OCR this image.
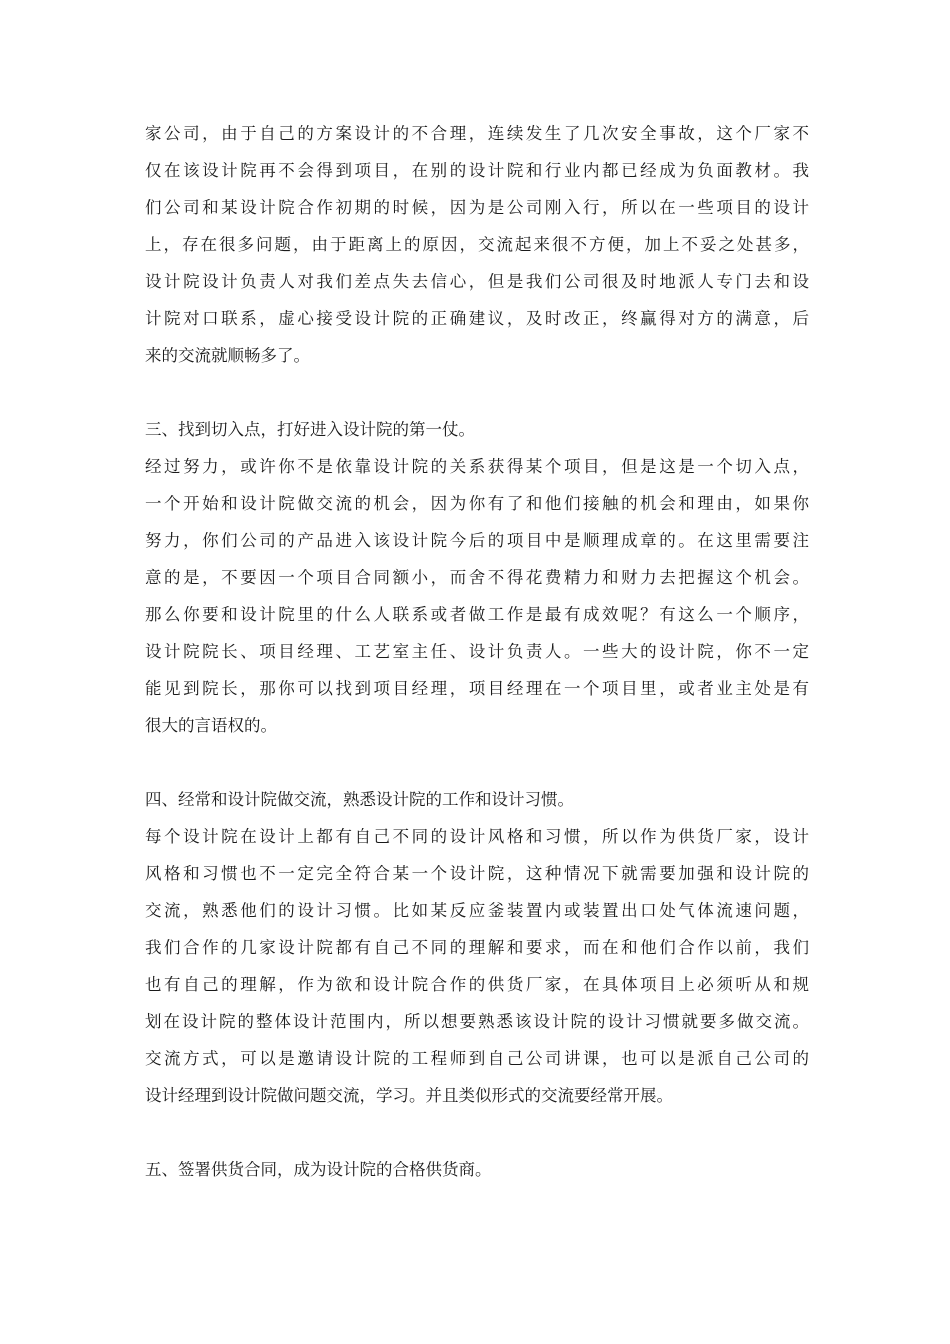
家公司，由于自己的方案设计的不合理，连续发生了几次安全事故，这个厂家不
仅在该设计院再不会得到项目，在别的设计院和行业内都已经成为负面教材。我
们公司和某设计院合作初期的时候，因为是公司刚入行，所以在一些项目的设计
上，存在很多问题，由于距离上的原因，交流起来很不方便，加上不妥之处甚多，
设计院设计负责人对我们差点失去信心，但是我们公司很及时地派人专门去和设
计院对口联系，虚心接受设计院的正确建议，及时改正，终赢得对方的满意，后
来的交流就顺畅多了。
三、找到切入点，打好进入设计院的第一仗。
经过努力，或许你不是依靠设计院的关系获得某个项目，但是这是一个切入点，
一个开始和设计院做交流的机会，因为你有了和他们接触的机会和理由，如果你
努力，你们公司的产品进入该设计院今后的项目中是顺理成章的。在这里需要注
意的是，不要因一个项目合同额小，而舍不得花费精力和财力去把握这个机会。
那么你要和设计院里的什么人联系或者做工作是最有成效呢？有这么一个顺序，
设计院院长、项目经理、工艺室主任、设计负责人。一些大的设计院，你不一定
能见到院长，那你可以找到项目经理，项目经理在一个项目里，或者业主处是有
很大的言语权的。
四、经常和设计院做交流，熟悉设计院的工作和设计习惯。
每个设计院在设计上都有自己不同的设计风格和习惯，所以作为供货厂家，设计
风格和习惯也不一定完全符合某一个设计院，这种情况下就需要加强和设计院的
交流，熟悉他们的设计习惯。比如某反应釜装置内或装置出口处气体流速问题，
我们合作的几家设计院都有自己不同的理解和要求，而在和他们合作以前，我们
也有自己的理解，作为欲和设计院合作的供货厂家，在具体项目上必须听从和规
划在设计院的整体设计范围内，所以想要熟悉该设计院的设计习惯就要多做交流。
交流方式，可以是邀请设计院的工程师到自己公司讲课，也可以是派自己公司的
设计经理到设计院做问题交流，学习。并且类似形式的交流要经常开展。
五、签署供货合同，成为设计院的合格供货商。
